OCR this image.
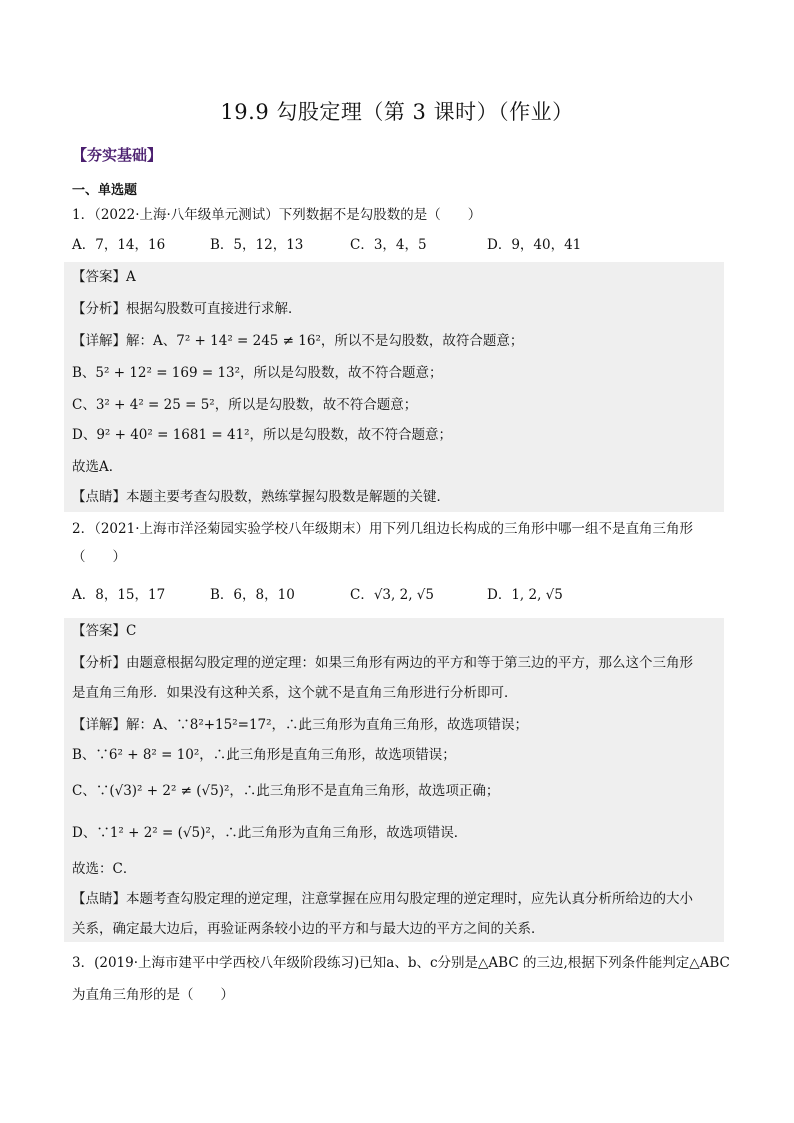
19.9 勾股定理（第 3 课时）（作业）
【夯实基础】
一、单选题
1．（2022·上海·八年级单元测试）下列数据不是勾股数的是（　　）
A．7，14，16	B．5，12，13	C．3，4，5	D．9，40，41
【答案】A
【分析】根据勾股数可直接进行求解．
【详解】解：A、7² + 14² = 245 ≠ 16²，所以不是勾股数，故符合题意；
B、5² + 12² = 169 = 13²，所以是勾股数，故不符合题意；
C、3² + 4² = 25 = 5²，所以是勾股数，故不符合题意；
D、9² + 40² = 1681 = 41²，所以是勾股数，故不符合题意；
故选A．
【点睛】本题主要考查勾股数，熟练掌握勾股数是解题的关键．
2．（2021·上海市洋泾菊园实验学校八年级期末）用下列几组边长构成的三角形中哪一组不是直角三角形
（　　）
A．8，15，17	B．6，8，10	C．√3, 2, √5	D．1, 2, √5
【答案】C
【分析】由题意根据勾股定理的逆定理：如果三角形有两边的平方和等于第三边的平方，那么这个三角形
是直角三角形．如果没有这种关系，这个就不是直角三角形进行分析即可．
【详解】解：A、∵8²+15²=17²，∴此三角形为直角三角形，故选项错误；
B、∵6² + 8² = 10²，∴此三角形是直角三角形，故选项错误；
C、∵(√3)² + 2² ≠ (√5)²，∴此三角形不是直角三角形，故选项正确；
D、∵1² + 2² = (√5)²，∴此三角形为直角三角形，故选项错误．
故选：C．
【点睛】本题考查勾股定理的逆定理，注意掌握在应用勾股定理的逆定理时，应先认真分析所给边的大小
关系，确定最大边后，再验证两条较小边的平方和与最大边的平方之间的关系．
3．(2019·上海市建平中学西校八年级阶段练习)已知a、b、c分别是△ABC 的三边,根据下列条件能判定△ABC
为直角三角形的是（　　）
